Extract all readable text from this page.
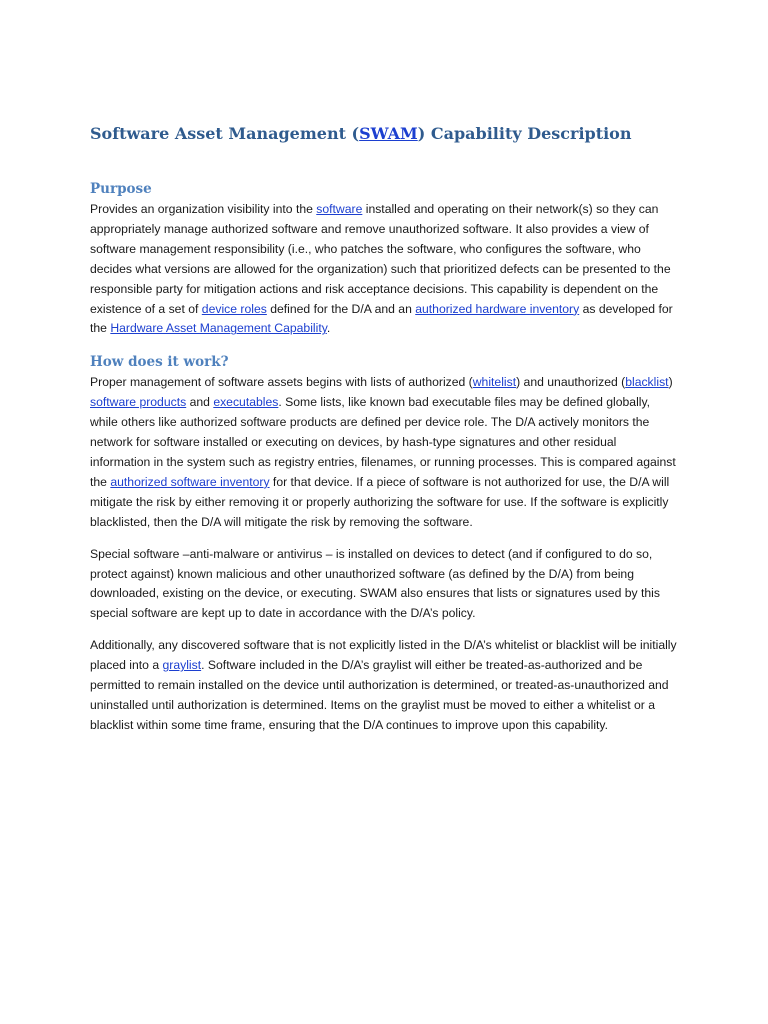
Software Asset Management (SWAM) Capability Description
Purpose

Provides an organization visibility into the software installed and operating on their network(s) so they can appropriately manage authorized software and remove unauthorized software. It also provides a view of software management responsibility (i.e., who patches the software, who configures the software, who decides what versions are allowed for the organization) such that prioritized defects can be presented to the responsible party for mitigation actions and risk acceptance decisions. This capability is dependent on the existence of a set of device roles defined for the D/A and an authorized hardware inventory as developed for the Hardware Asset Management Capability.

How does it work?

Proper management of software assets begins with lists of authorized (whitelist) and unauthorized (blacklist) software products and executables. Some lists, like known bad executable files may be defined globally, while others like authorized software products are defined per device role. The D/A actively monitors the network for software installed or executing on devices, by hash-type signatures and other residual information in the system such as registry entries, filenames, or running processes. This is compared against the authorized software inventory for that device. If a piece of software is not authorized for use, the D/A will mitigate the risk by either removing it or properly authorizing the software for use. If the software is explicitly blacklisted, then the D/A will mitigate the risk by removing the software.

Special software –anti-malware or antivirus – is installed on devices to detect (and if configured to do so, protect against) known malicious and other unauthorized software (as defined by the D/A) from being downloaded, existing on the device, or executing. SWAM also ensures that lists or signatures used by this special software are kept up to date in accordance with the D/A’s policy.

Additionally, any discovered software that is not explicitly listed in the D/A’s whitelist or blacklist will be initially placed into a graylist. Software included in the D/A’s graylist will either be treated-as-authorized and be permitted to remain installed on the device until authorization is determined, or treated-as-unauthorized and uninstalled until authorization is determined. Items on the graylist must be moved to either a whitelist or a blacklist within some time frame, ensuring that the D/A continues to improve upon this capability.
